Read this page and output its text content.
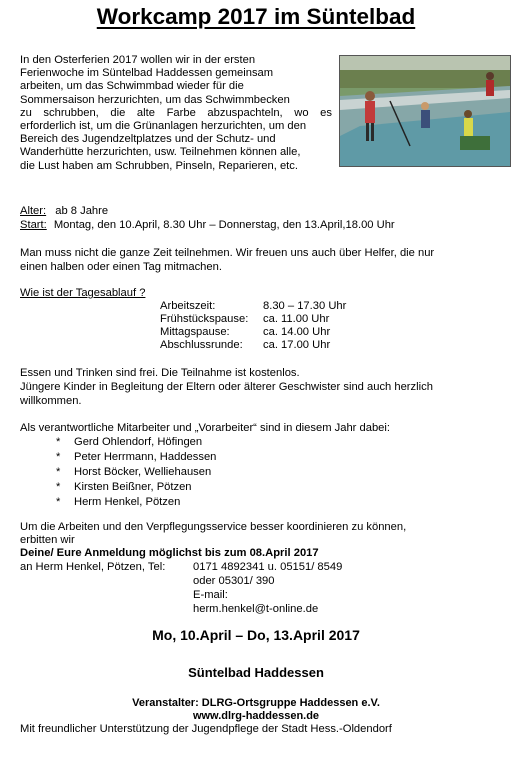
Workcamp 2017 im Süntelbad
In den Osterferien 2017 wollen wir in der ersten
Ferienwoche im Süntelbad Haddessen gemeinsam
arbeiten, um das Schwimmbad wieder für die
Sommersaison herzurichten, um das Schwimmbecken
zu schrubben, die alte Farbe abzuspachteln, wo es
erforderlich ist, um die Grünanlagen herzurichten, um den
Bereich des Jugendzeltplatzes und der Schutz- und
Wanderhütte herzurichten, usw. Teilnehmen können alle,
die Lust haben am Schrubben, Pinseln, Reparieren, etc.
Alter: ab 8 Jahre
Start: Montag, den 10.April, 8.30 Uhr – Donnerstag, den 13.April,18.00 Uhr
Man muss nicht die ganze Zeit teilnehmen. Wir freuen uns auch über Helfer, die nur
einen halben oder einen Tag mitmachen.
Wie ist der Tagesablauf ?
Arbeitszeit:	8.30 – 17.30 Uhr
Frühstückspause: ca. 11.00 Uhr
Mittagspause:	ca. 14.00 Uhr
Abschlussrunde: ca. 17.00 Uhr
Essen und Trinken sind frei. Die Teilnahme ist kostenlos.
Jüngere Kinder in Begleitung der Eltern oder älterer Geschwister sind auch herzlich
willkommen.
Als verantwortliche Mitarbeiter und „Vorarbeiter“ sind in diesem Jahr dabei:
* Gerd Ohlendorf, Höfingen
* Peter Herrmann, Haddessen
* Horst Böcker, Welliehausen
* Kirsten Beißner, Pötzen
* Herm Henkel, Pötzen
Um die Arbeiten und den Verpflegungsservice besser koordinieren zu können,
erbitten wir
Deine/ Eure Anmeldung möglichst bis zum 08.April 2017
an Herm Henkel, Pötzen, Tel: 0171 4892341 u. 05151/ 8549
oder 05301/ 390
E-mail:
herm.henkel@t-online.de
Mo, 10.April – Do, 13.April 2017
Süntelbad Haddessen
Veranstalter: DLRG-Ortsgruppe Haddessen e.V.
www.dlrg-haddessen.de
Mit freundlicher Unterstützung der Jugendpflege der Stadt Hess.-Oldendorf
